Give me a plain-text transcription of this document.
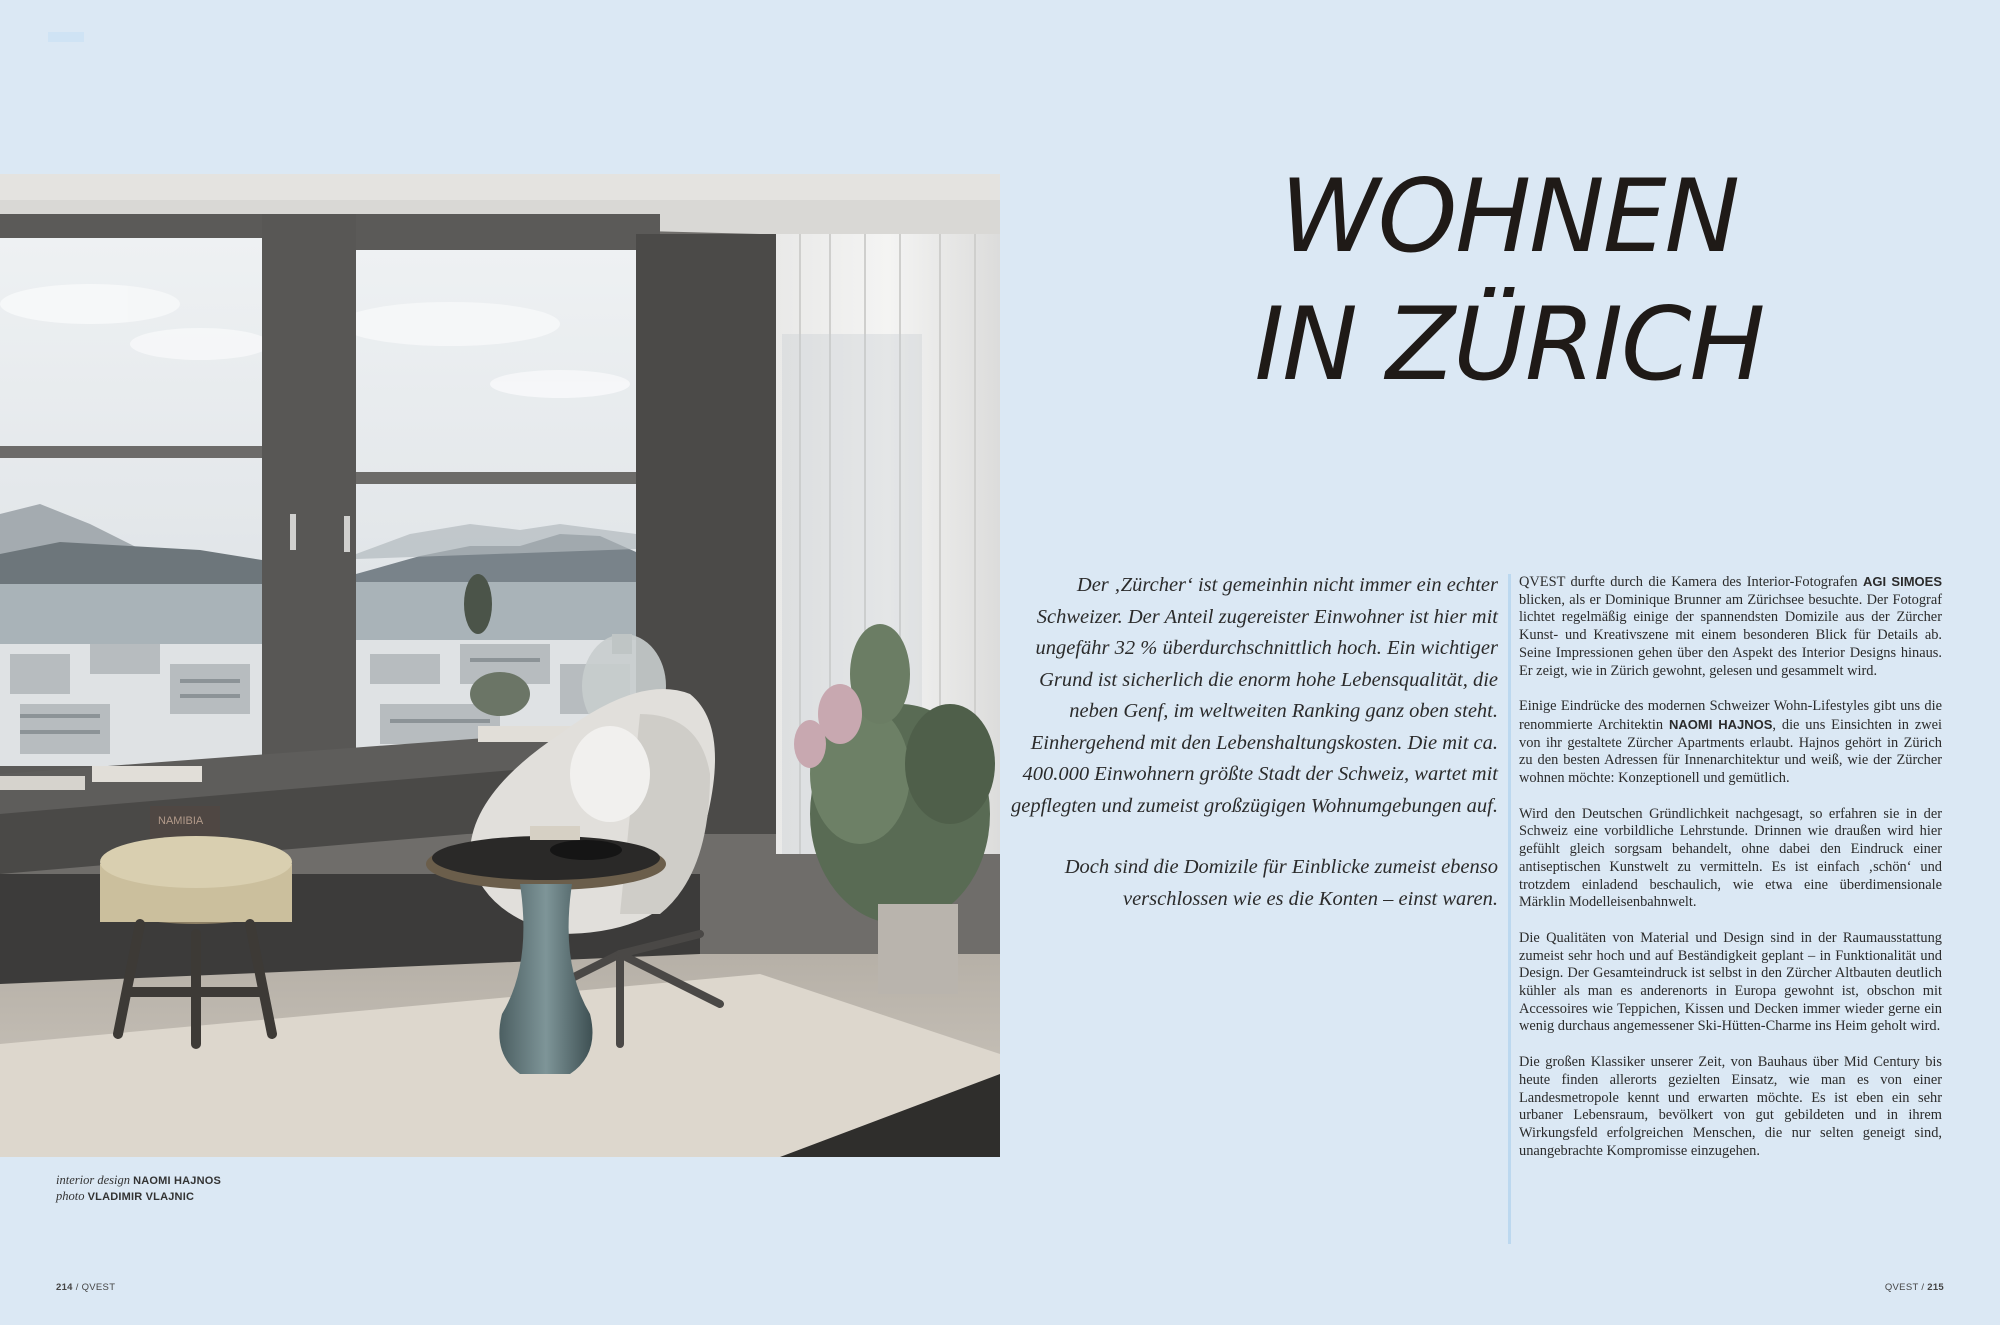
NAMIBIA
interior design NAOMI HAJNOS
photo VLADIMIR VLAJNIC
214 / QVEST
WOHNEN
IN ZÜRICH

Der ‚Zürcher‘ ist gemeinhin nicht immer ein echter Schweizer. Der Anteil zugereister Einwohner ist hier mit ungefähr 32 % überdurchschnittlich hoch. Ein wichtiger Grund ist sicherlich die enorm hohe Lebensqualität, die neben Genf, im weltweiten Ranking ganz oben steht. Einhergehend mit den Lebenshaltungskosten. Die mit ca. 400.000 Einwohnern größte Stadt der Schweiz, wartet mit gepflegten und zumeist großzügigen Wohnumgebungen auf.

Doch sind die Domizile für Einblicke zumeist ebenso verschlossen wie es die Konten – einst waren.

QVEST durfte durch die Kamera des Interior-Fotografen AGI SIMOES blicken, als er Dominique Brunner am Zürichsee besuchte. Der Fotograf lichtet regelmäßig einige der spannendsten Domizile aus der Zürcher Kunst- und Kreativszene mit einem besonderen Blick für Details ab. Seine Impressionen gehen über den Aspekt des Interior Designs hinaus. Er zeigt, wie in Zürich gewohnt, gelesen und gesammelt wird.

Einige Eindrücke des modernen Schweizer Wohn-Lifestyles gibt uns die renommierte Architektin NAOMI HAJNOS, die uns Einsichten in zwei von ihr gestaltete Zürcher Apartments erlaubt. Hajnos gehört in Zürich zu den besten Adressen für Innenarchitektur und weiß, wie der Zürcher wohnen möchte: Konzeptionell und gemütlich.

Wird den Deutschen Gründlichkeit nachgesagt, so erfahren sie in der Schweiz eine vorbildliche Lehrstunde. Drinnen wie draußen wird hier gefühlt gleich sorgsam behandelt, ohne dabei den Eindruck einer antiseptischen Kunstwelt zu vermitteln. Es ist einfach ‚schön‘ und trotzdem einladend beschaulich, wie etwa eine überdimensionale Märklin Modelleisenbahnwelt.

Die Qualitäten von Material und Design sind in der Raumausstattung zumeist sehr hoch und auf Beständigkeit geplant – in Funktionalität und Design. Der Gesamteindruck ist selbst in den Zürcher Altbauten deutlich kühler als man es anderenorts in Europa gewohnt ist, obschon mit Accessoires wie Teppichen, Kissen und Decken immer wieder gerne ein wenig durchaus angemessener Ski-Hütten-Charme ins Heim geholt wird.

Die großen Klassiker unserer Zeit, von Bauhaus über Mid Century bis heute finden allerorts gezielten Einsatz, wie man es von einer Landesmetropole kennt und erwarten möchte. Es ist eben ein sehr urbaner Lebensraum, bevölkert von gut gebildeten und in ihrem Wirkungsfeld erfolgreichen Menschen, die nur selten geneigt sind, unangebrachte Kompromisse einzugehen.

QVEST / 215
